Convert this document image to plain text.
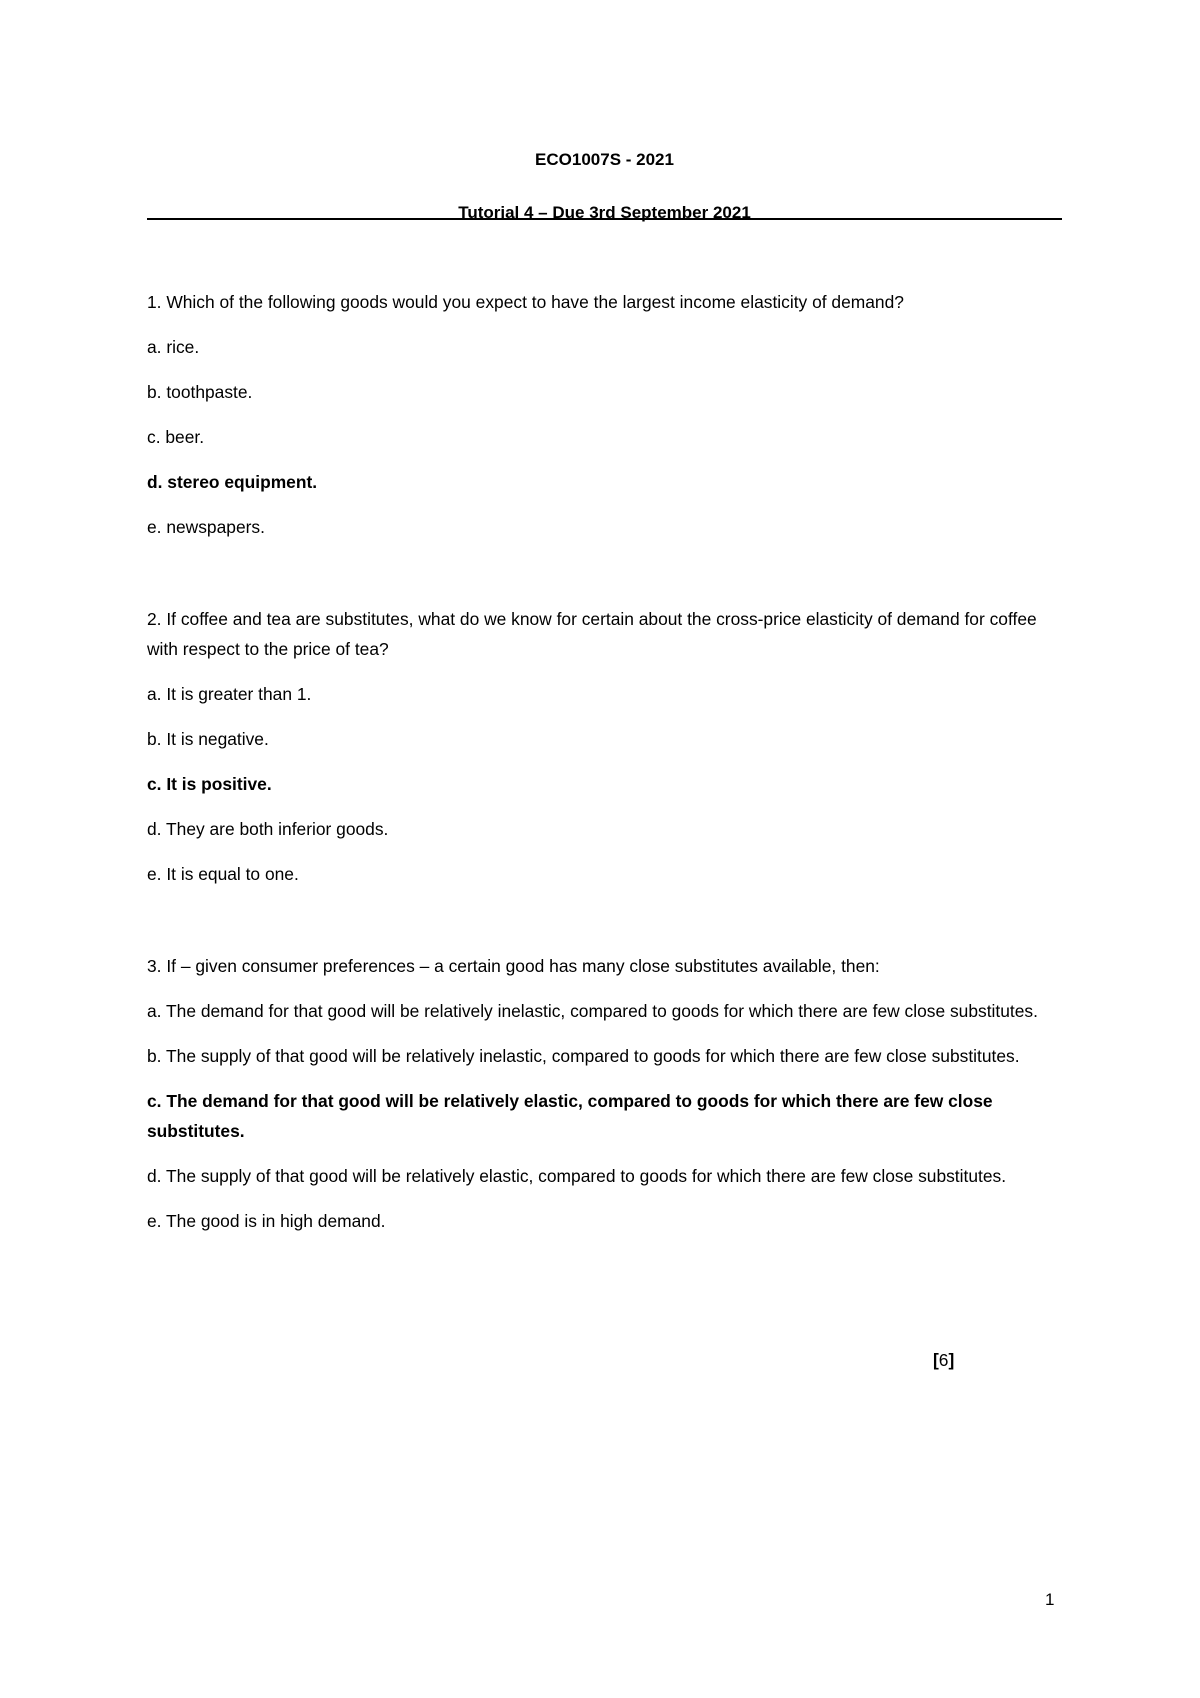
ECO1007S - 2021

Tutorial 4 – Due 3rd September 2021

1. Which of the following goods would you expect to have the largest income elasticity of demand?

a. rice.

b. toothpaste.

c. beer.

d. stereo equipment.

e. newspapers.

2. If coffee and tea are substitutes, what do we know for certain about the cross-price elasticity of demand for coffee with respect to the price of tea?

a. It is greater than 1.

b. It is negative.

c. It is positive.

d. They are both inferior goods.

e. It is equal to one.

3. If – given consumer preferences – a certain good has many close substitutes available, then:

a. The demand for that good will be relatively inelastic, compared to goods for which there are few close substitutes.

b. The supply of that good will be relatively inelastic, compared to goods for which there are few close substitutes.

c. The demand for that good will be relatively elastic, compared to goods for which there are few close substitutes.

d. The supply of that good will be relatively elastic, compared to goods for which there are few close substitutes.

e. The good is in high demand.

[6]
1
